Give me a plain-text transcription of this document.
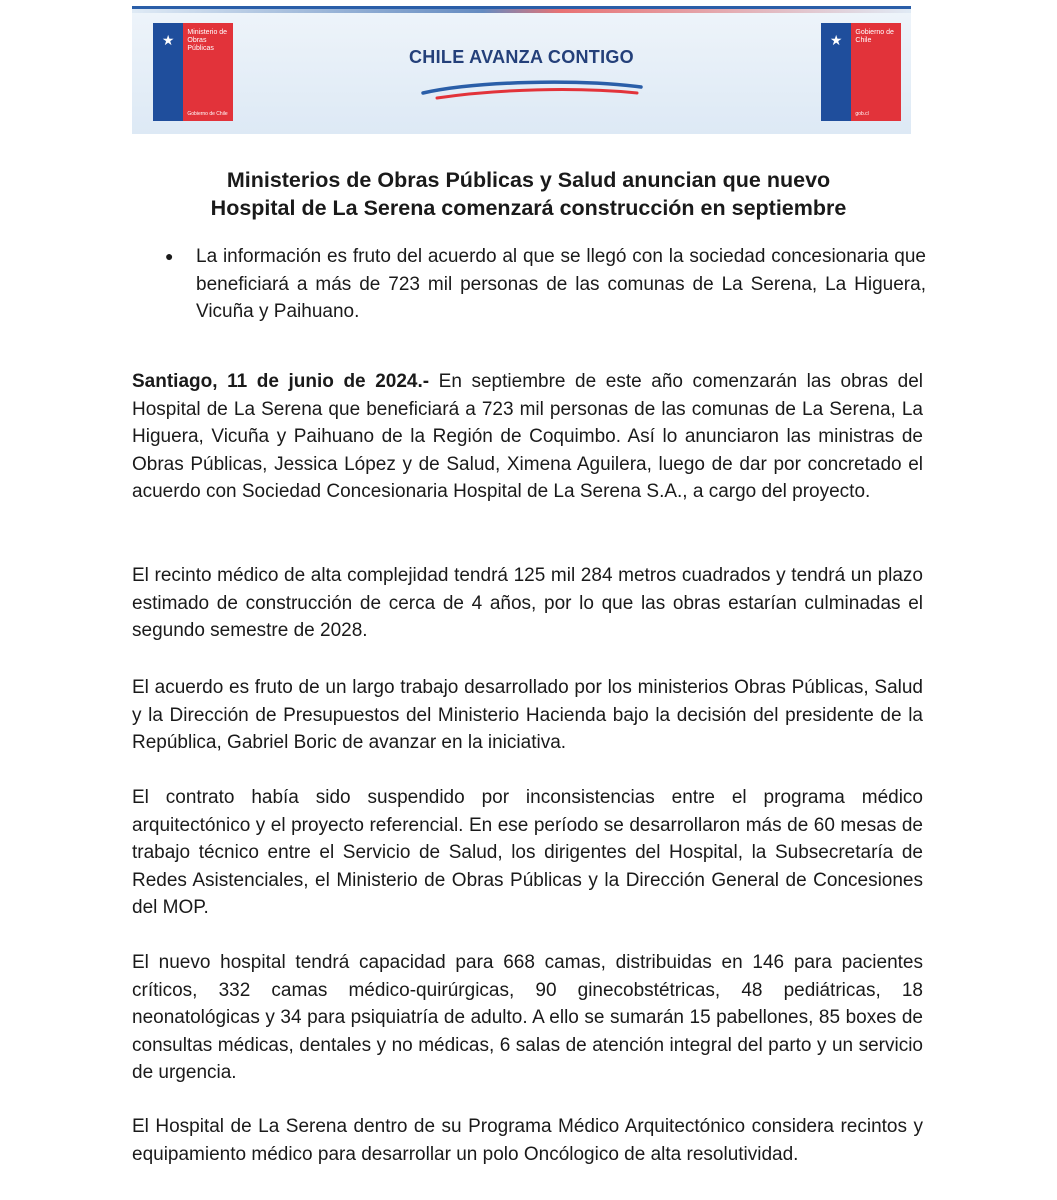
★ Ministerio de Obras Públicas
Gobierno de Chile
CHILE AVANZA CONTIGO
★ Gobierno de Chile
gob.cl
Ministerios de Obras Públicas y Salud anuncian que nuevo
Hospital de La Serena comenzará construcción en septiembre
● La información es fruto del acuerdo al que se llegó con la sociedad concesionaria que beneficiará a más de 723 mil personas de las comunas de La Serena, La Higuera, Vicuña y Paihuano.

Santiago, 11 de junio de 2024.- En septiembre de este año comenzarán las obras del Hospital de La Serena que beneficiará a 723 mil personas de las comunas de La Serena, La Higuera, Vicuña y Paihuano de la Región de Coquimbo. Así lo anunciaron las ministras de Obras Públicas, Jessica López y de Salud, Ximena Aguilera, luego de dar por concretado el acuerdo con Sociedad Concesionaria Hospital de La Serena S.A., a cargo del proyecto.

El recinto médico de alta complejidad tendrá 125 mil 284 metros cuadrados y tendrá un plazo estimado de construcción de cerca de 4 años, por lo que las obras estarían culminadas el segundo semestre de 2028.

El acuerdo es fruto de un largo trabajo desarrollado por los ministerios Obras Públicas, Salud y la Dirección de Presupuestos del Ministerio Hacienda bajo la decisión del presidente de la República, Gabriel Boric de avanzar en la iniciativa.

El contrato había sido suspendido por inconsistencias entre el programa médico arquitectónico y el proyecto referencial. En ese período se desarrollaron más de 60 mesas de trabajo técnico entre el Servicio de Salud, los dirigentes del Hospital, la Subsecretaría de Redes Asistenciales, el Ministerio de Obras Públicas y la Dirección General de Concesiones del MOP.

El nuevo hospital tendrá capacidad para 668 camas, distribuidas en 146 para pacientes críticos, 332 camas médico-quirúrgicas, 90 ginecobstétricas, 48 pediátricas, 18 neonatológicas y 34 para psiquiatría de adulto. A ello se sumarán 15 pabellones, 85 boxes de consultas médicas, dentales y no médicas, 6 salas de atención integral del parto y un servicio de urgencia.

El Hospital de La Serena dentro de su Programa Médico Arquitectónico considera recintos y equipamiento médico para desarrollar un polo Oncólogico de alta resolutividad.
